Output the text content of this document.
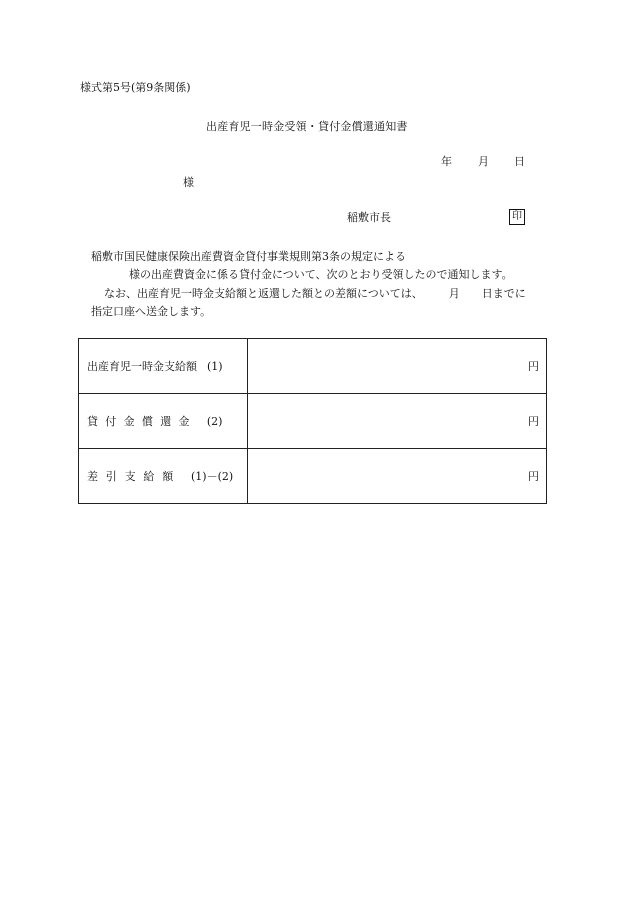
様式第5号(第9条関係)
出産育児一時金受領・貸付金償還通知書
年 月 日
様
稲敷市長	印
稲敷市国民健康保険出産費資金貸付事業規則第3条の規定による
様の出産費資金に係る貸付金について、次のとおり受領したので通知します。
なお、出産育児一時金支給額と返還した額との差額については、 月 日までに
指定口座へ送金します。
出産育児一時金支給額 (1)	円
貸付金償還金 (2)	円
差引支給額 (1)－(2)	円
